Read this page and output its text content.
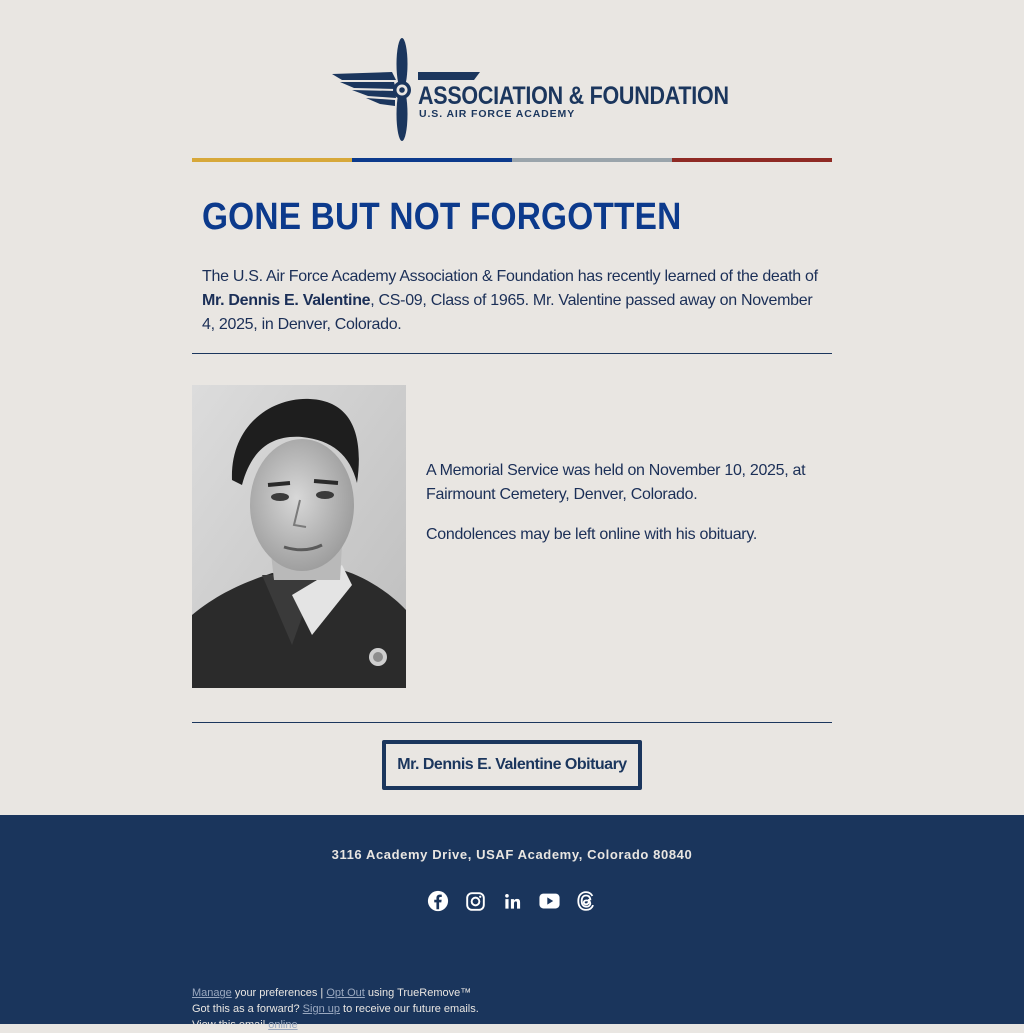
ASSOCIATION & FOUNDATION
U.S. AIR FORCE ACADEMY
GONE BUT NOT FORGOTTEN
The U.S. Air Force Academy Association & Foundation has recently learned of the death of Mr. Dennis E. Valentine, CS-09, Class of 1965. Mr. Valentine passed away on November 4, 2025, in Denver, Colorado.

A Memorial Service was held on November 10, 2025, at Fairmount Cemetery, Denver, Colorado.

Condolences may be left online with his obituary.

Mr. Dennis E. Valentine Obituary
3116 Academy Drive, USAF Academy, Colorado 80840
Manage your preferences | Opt Out using TrueRemove™
Got this as a forward? Sign up to receive our future emails.
View this email online
